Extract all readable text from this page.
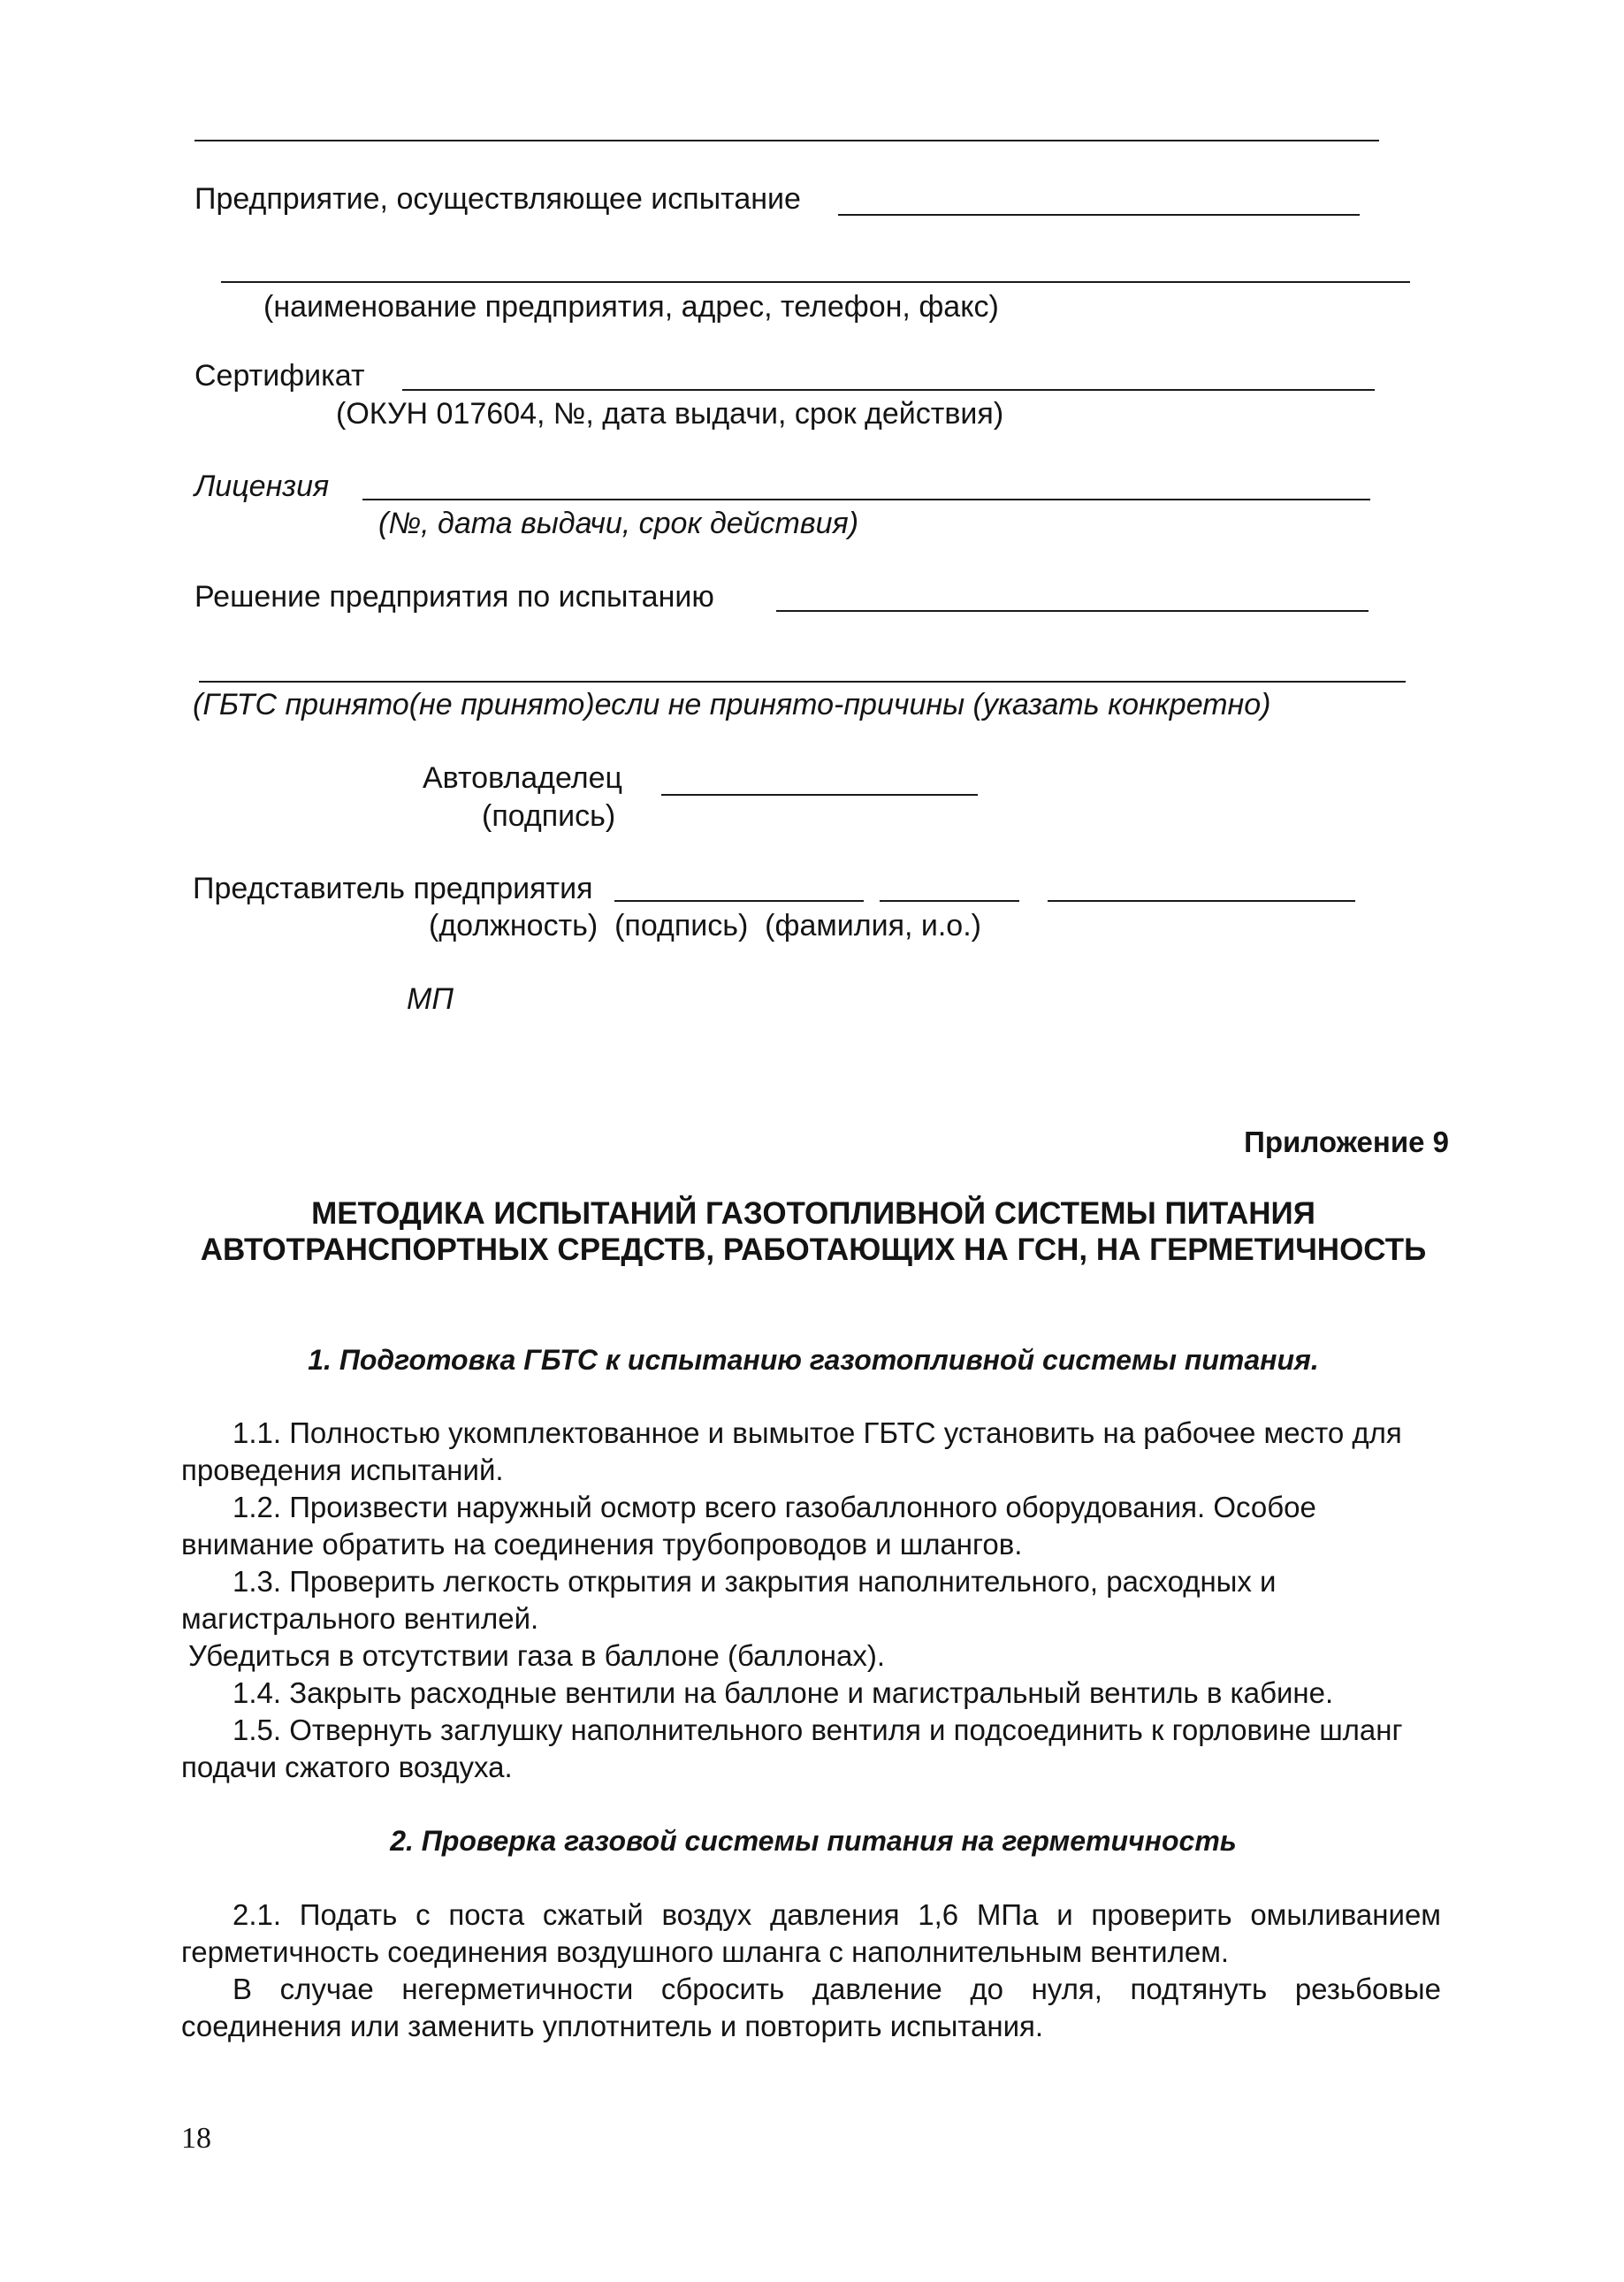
Предприятие, осуществляющее испытание
(наименование предприятия, адрес, телефон, факс)
Сертификат
(ОКУН 017604, №, дата выдачи, срок действия)
Лицензия
(№, дата выдачи, срок действия)
Решение предприятия по испытанию
(ГБТС принято(не принято)если не принято-причины (указать конкретно)
Автовладелец
(подпись)
Представитель предприятия
(должность)  (подпись)  (фамилия, и.о.)
МП
Приложение 9
МЕТОДИКА ИСПЫТАНИЙ ГАЗОТОПЛИВНОЙ СИСТЕМЫ ПИТАНИЯ
АВТОТРАНСПОРТНЫХ СРЕДСТВ, РАБОТАЮЩИХ НА ГСН, НА ГЕРМЕТИЧНОСТЬ
1. Подготовка ГБТС к испытанию газотопливной системы питания.

1.1. Полностью укомплектованное и вымытое ГБТС установить на рабочее место для проведения испытаний.

1.2. Произвести наружный осмотр всего газобаллонного оборудования. Особое внимание обратить на соединения трубопроводов и шлангов.

1.3. Проверить легкость открытия и закрытия наполнительного, расходных и магистрального вентилей.

Убедиться в отсутствии газа в баллоне (баллонах).

1.4. Закрыть расходные вентили на баллоне и магистральный вентиль в кабине.

1.5. Отвернуть заглушку наполнительного вентиля и подсоединить к горловине шланг подачи сжатого воздуха.

2. Проверка газовой системы питания на герметичность

2.1. Подать с поста сжатый воздух давления 1,6 МПа и проверить омыливанием герметичность соединения воздушного шланга с наполнительным вентилем.

В случае негерметичности сбросить давление до нуля, подтянуть резьбовые соединения или заменить уплотнитель и повторить испытания.

18
